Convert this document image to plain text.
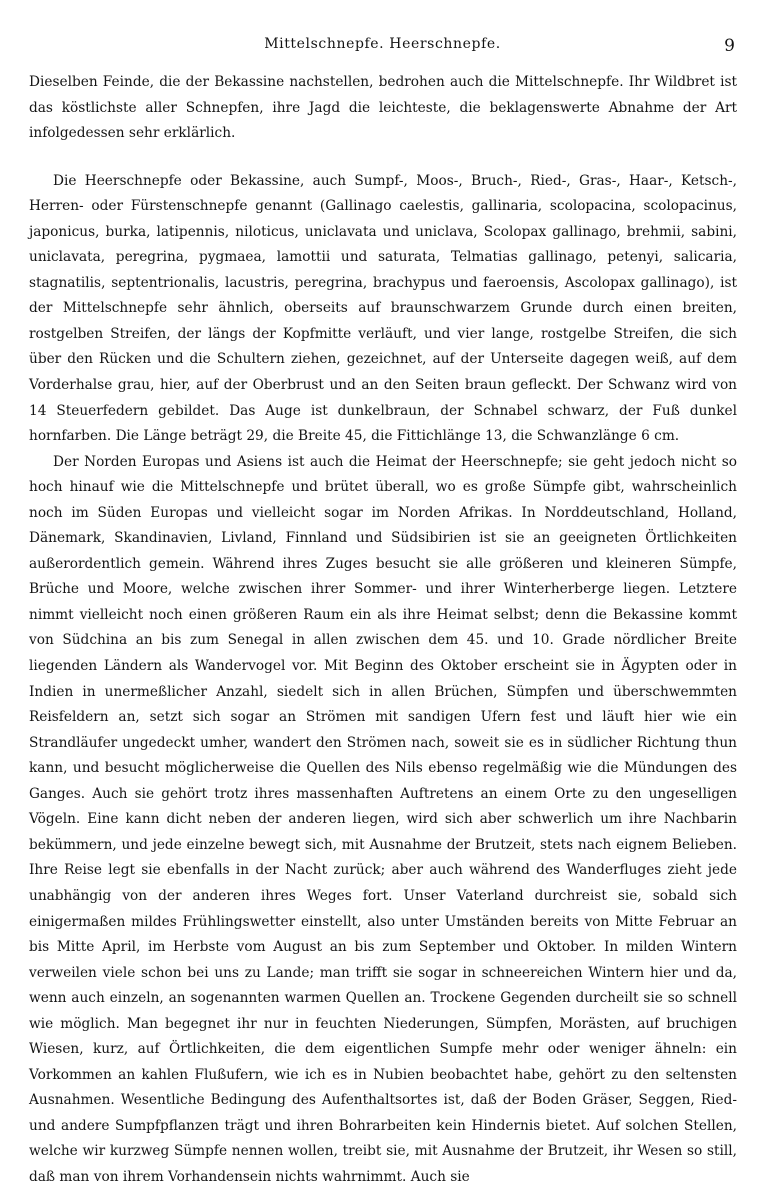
Mittelschnepfe. Heerschnepfe.	9

Dieselben Feinde, die der Bekassine nachstellen, bedrohen auch die Mittelschnepfe. Ihr Wildbret ist das köstlichste aller Schnepfen, ihre Jagd die leichteste, die beklagenswerte Abnahme der Art infolgedessen sehr erklärlich.

Die Heerschnepfe oder Bekassine, auch Sumpf-, Moos-, Bruch-, Ried-, Gras-, Haar-, Ketsch-, Herren- oder Fürstenschnepfe genannt (Gallinago caelestis, gallinaria, scolopacina, scolopacinus, japonicus, burka, latipennis, niloticus, uniclavata und uniclava, Scolopax gallinago, brehmii, sabini, uniclavata, peregrina, pygmaea, lamottii und saturata, Telmatias gallinago, petenyi, salicaria, stagnatilis, septentrionalis, lacustris, peregrina, brachypus und faeroensis, Ascolopax gallinago), ist der Mittelschnepfe sehr ähnlich, oberseits auf braunschwarzem Grunde durch einen breiten, rostgelben Streifen, der längs der Kopfmitte verläuft, und vier lange, rostgelbe Streifen, die sich über den Rücken und die Schultern ziehen, gezeichnet, auf der Unterseite dagegen weiß, auf dem Vorderhalse grau, hier, auf der Oberbrust und an den Seiten braun gefleckt. Der Schwanz wird von 14 Steuerfedern gebildet. Das Auge ist dunkelbraun, der Schnabel schwarz, der Fuß dunkel hornfarben. Die Länge beträgt 29, die Breite 45, die Fittichlänge 13, die Schwanzlänge 6 cm.

Der Norden Europas und Asiens ist auch die Heimat der Heerschnepfe; sie geht jedoch nicht so hoch hinauf wie die Mittelschnepfe und brütet überall, wo es große Sümpfe gibt, wahrscheinlich noch im Süden Europas und vielleicht sogar im Norden Afrikas. In Norddeutschland, Holland, Dänemark, Skandinavien, Livland, Finnland und Südsibirien ist sie an geeigneten Örtlichkeiten außerordentlich gemein. Während ihres Zuges besucht sie alle größeren und kleineren Sümpfe, Brüche und Moore, welche zwischen ihrer Sommer- und ihrer Winterherberge liegen. Letztere nimmt vielleicht noch einen größeren Raum ein als ihre Heimat selbst; denn die Bekassine kommt von Südchina an bis zum Senegal in allen zwischen dem 45. und 10. Grade nördlicher Breite liegenden Ländern als Wandervogel vor. Mit Beginn des Oktober erscheint sie in Ägypten oder in Indien in unermeßlicher Anzahl, siedelt sich in allen Brüchen, Sümpfen und überschwemmten Reisfeldern an, setzt sich sogar an Strömen mit sandigen Ufern fest und läuft hier wie ein Strandläufer ungedeckt umher, wandert den Strömen nach, soweit sie es in südlicher Richtung thun kann, und besucht möglicherweise die Quellen des Nils ebenso regelmäßig wie die Mündungen des Ganges. Auch sie gehört trotz ihres massenhaften Auftretens an einem Orte zu den ungeselligen Vögeln. Eine kann dicht neben der anderen liegen, wird sich aber schwerlich um ihre Nachbarin bekümmern, und jede einzelne bewegt sich, mit Ausnahme der Brutzeit, stets nach eignem Belieben. Ihre Reise legt sie ebenfalls in der Nacht zurück; aber auch während des Wanderfluges zieht jede unabhängig von der anderen ihres Weges fort. Unser Vaterland durchreist sie, sobald sich einigermaßen mildes Frühlingswetter einstellt, also unter Umständen bereits von Mitte Februar an bis Mitte April, im Herbste vom August an bis zum September und Oktober. In milden Wintern verweilen viele schon bei uns zu Lande; man trifft sie sogar in schneereichen Wintern hier und da, wenn auch einzeln, an sogenannten warmen Quellen an. Trockene Gegenden durcheilt sie so schnell wie möglich. Man begegnet ihr nur in feuchten Niederungen, Sümpfen, Morästen, auf bruchigen Wiesen, kurz, auf Örtlichkeiten, die dem eigentlichen Sumpfe mehr oder weniger ähneln: ein Vorkommen an kahlen Flußufern, wie ich es in Nubien beobachtet habe, gehört zu den seltensten Ausnahmen. Wesentliche Bedingung des Aufenthaltsortes ist, daß der Boden Gräser, Seggen, Ried- und andere Sumpfpflanzen trägt und ihren Bohrarbeiten kein Hindernis bietet. Auf solchen Stellen, welche wir kurzweg Sümpfe nennen wollen, treibt sie, mit Ausnahme der Brutzeit, ihr Wesen so still, daß man von ihrem Vorhandensein nichts wahrnimmt. Auch sie
